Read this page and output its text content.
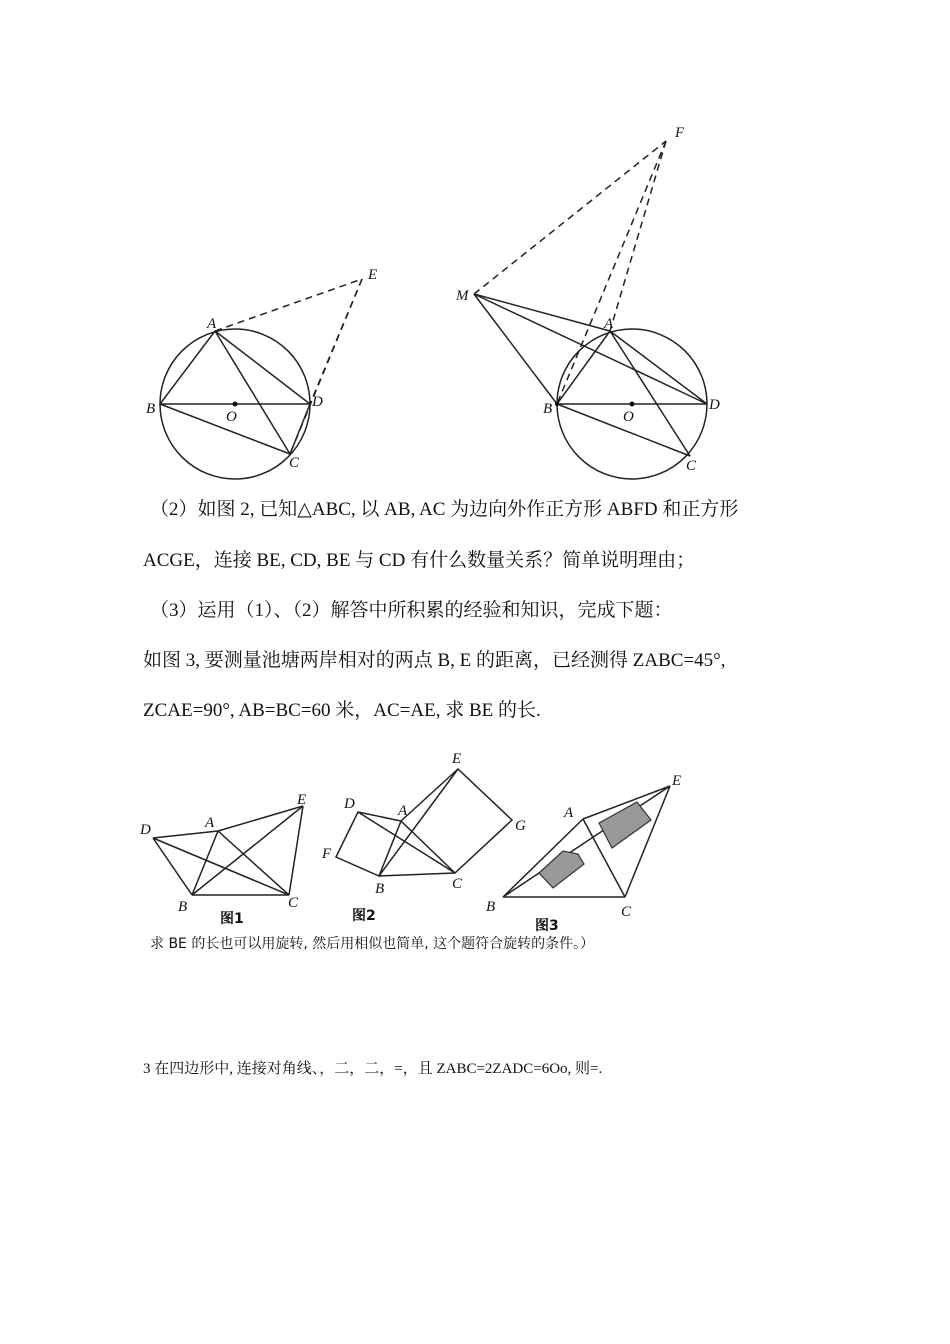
A
B	O
D
C
E
A
B	O
D
C
M
F
（2）如图 2, 已知△ABC, 以 AB, AC 为边向外作正方形 ABFD 和正方形
ACGE，连接 BE, CD, BE 与 CD 有什么数量关系？简单说明理由；
（3）运用（1）、（2）解答中所积累的经验和知识，完成下题：
如图 3, 要测量池塘两岸相对的两点 B, E 的距离，已经测得 ZABC=45°,
ZCAE=90°, AB=BC=60 米，AC=AE, 求 BE 的长.
D	A
E
B	C
图1
E
D	A
G
F
B	C
图2
E
A
B	C
图3
求 BE 的长也可以用旋转, 然后用相似也简单, 这个题符合旋转的条件。）
3 在四边形中, 连接对角线、，二，二，=，且 ZABC=2ZADC=6Oo, 则=.
